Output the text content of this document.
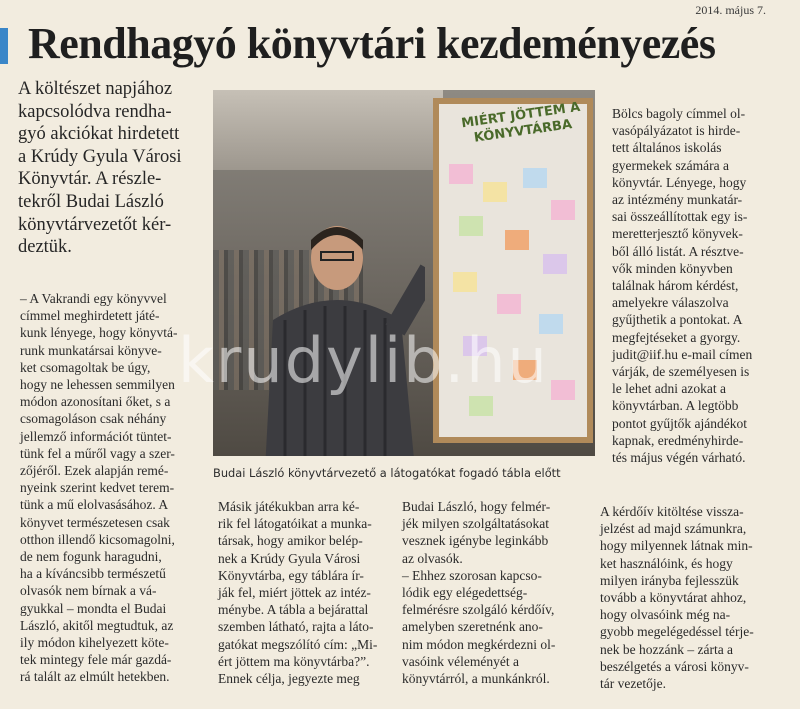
2014. május 7.
Rendhagyó könyvtári kezdeményezés
A költészet napjához
kapcsolódva rendha-
gyó akciókat hirdetett
a Krúdy Gyula Városi
Könyvtár. A részle-
tekről Budai László
könyvtárvezetőt kér-
deztük.
MIÉRT JÖTTEM A KÖNYVTÁRBA
krudylib.hu
Budai László könyvtárvezető a látogatókat fogadó tábla előtt
– A Vakrandi egy könyvvel
címmel meghirdetett játé-
kunk lényege, hogy könyvtá-
runk munkatársai könyve-
ket csomagoltak be úgy,
hogy ne lehessen semmilyen
módon azonosítani őket, s a
csomagoláson csak néhány
jellemző információt tüntet-
tünk fel a műről vagy a szer-
zőjéről. Ezek alapján remé-
nyeink szerint kedvet terem-
tünk a mű elolvasásához. A
könyvet természetesen csak
otthon illendő kicsomagolni,
de nem fogunk haragudni,
ha a kíváncsibb természetű
olvasók nem bírnak a vá-
gyukkal – mondta el Budai
László, akitől megtudtuk, az
ily módon kihelyezett köte-
tek mintegy fele már gazdá-
rá talált az elmúlt hetekben.
Bölcs bagoly címmel ol-
vasópályázatot is hirde-
tett általános iskolás
gyermekek számára a
könyvtár. Lényege, hogy
az intézmény munkatár-
sai összeállítottak egy is-
meretterjesztő könyvek-
ből álló listát. A résztve-
vők minden könyvben
találnak három kérdést,
amelyekre válaszolva
gyűjthetik a pontokat. A
megfejtéseket a gyorgy.
judit@iif.hu e-mail címen
várják, de személyesen is
le lehet adni azokat a
könyvtárban. A legtöbb
pontot gyűjtők ajándékot
kapnak, eredményhirde-
tés május végén várható.
Másik játékukban arra ké-
rik fel látogatóikat a munka-
társak, hogy amikor belép-
nek a Krúdy Gyula Városi
Könyvtárba, egy táblára ír-
ják fel, miért jöttek az intéz-
ménybe. A tábla a bejárattal
szemben látható, rajta a láto-
gatókat megszólító cím: „Mi-
ért jöttem ma könyvtárba?”.
Ennek célja, jegyezte meg
Budai László, hogy felmér-
jék milyen szolgáltatásokat
vesznek igénybe leginkább
az olvasók.
– Ehhez szorosan kapcso-
lódik egy elégedettség-
felmérésre szolgáló kérdőív,
amelyben szeretnénk ano-
nim módon megkérdezni ol-
vasóink véleményét a
könyvtárról, a munkánkról.
A kérdőív kitöltése vissza-
jelzést ad majd számunkra,
hogy milyennek látnak min-
ket használóink, és hogy
milyen irányba fejlesszük
tovább a könyvtárat ahhoz,
hogy olvasóink még na-
gyobb megelégedéssel térje-
nek be hozzánk – zárta a
beszélgetés a városi könyv-
tár vezetője.
